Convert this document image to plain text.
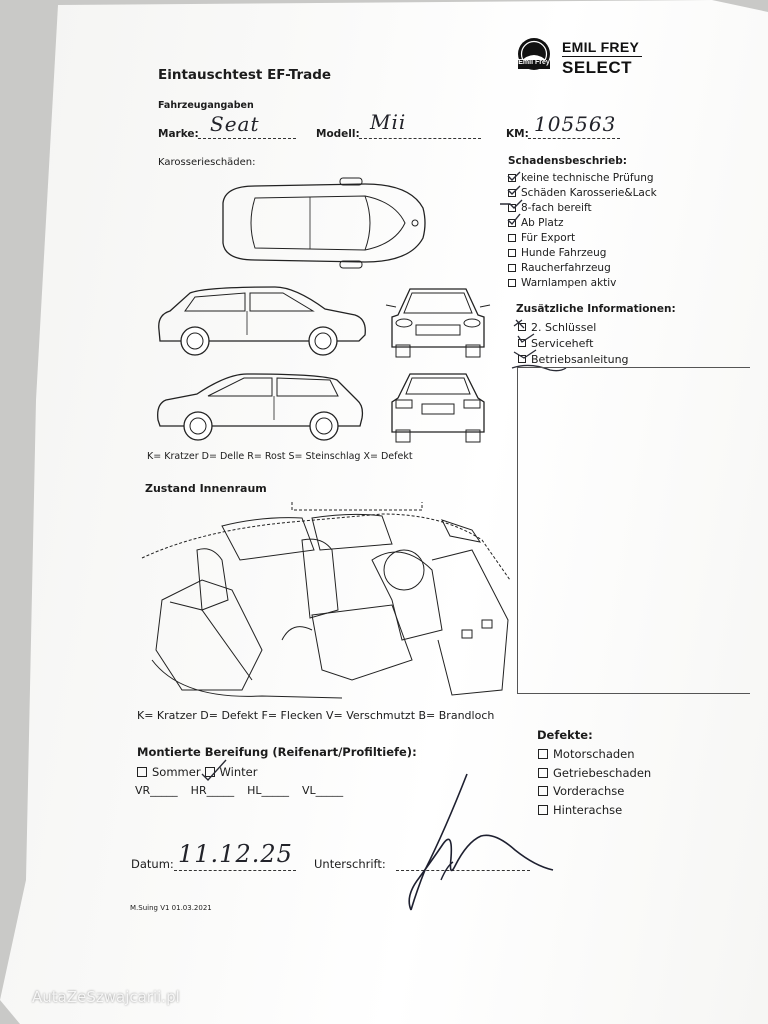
Emil Frey
EMIL FREY
SELECT
Eintauschtest EF-Trade
Fahrzeugangaben
Marke: Seat	Modell: Mii	KM: 105563
Karosserieschäden:
K= Kratzer D= Delle R= Rost S= Steinschlag X= Defekt
Schadensbeschrieb:
keine technische Prüfung
Schäden Karosserie&Lack
8-fach bereift
Ab Platz
Für Export
Hunde Fahrzeug
Raucherfahrzeug
Warnlampen aktiv
Zusätzliche Informationen:
2. Schlüssel
Serviceheft
Betriebsanleitung
Zustand Innenraum
K= Kratzer D= Defekt F= Flecken V= Verschmutzt B= Brandloch
Montierte Bereifung (Reifenart/Profiltiefe):
Sommer Winter
VR_____ HR_____ HL_____ VL_____
Defekte:
Motorschaden
Getriebeschaden
Vorderachse
Hinterachse
Datum: 11.12.25 Unterschrift:
M.Suing V1 01.03.2021
AutaZeSzwajcarii.pl
